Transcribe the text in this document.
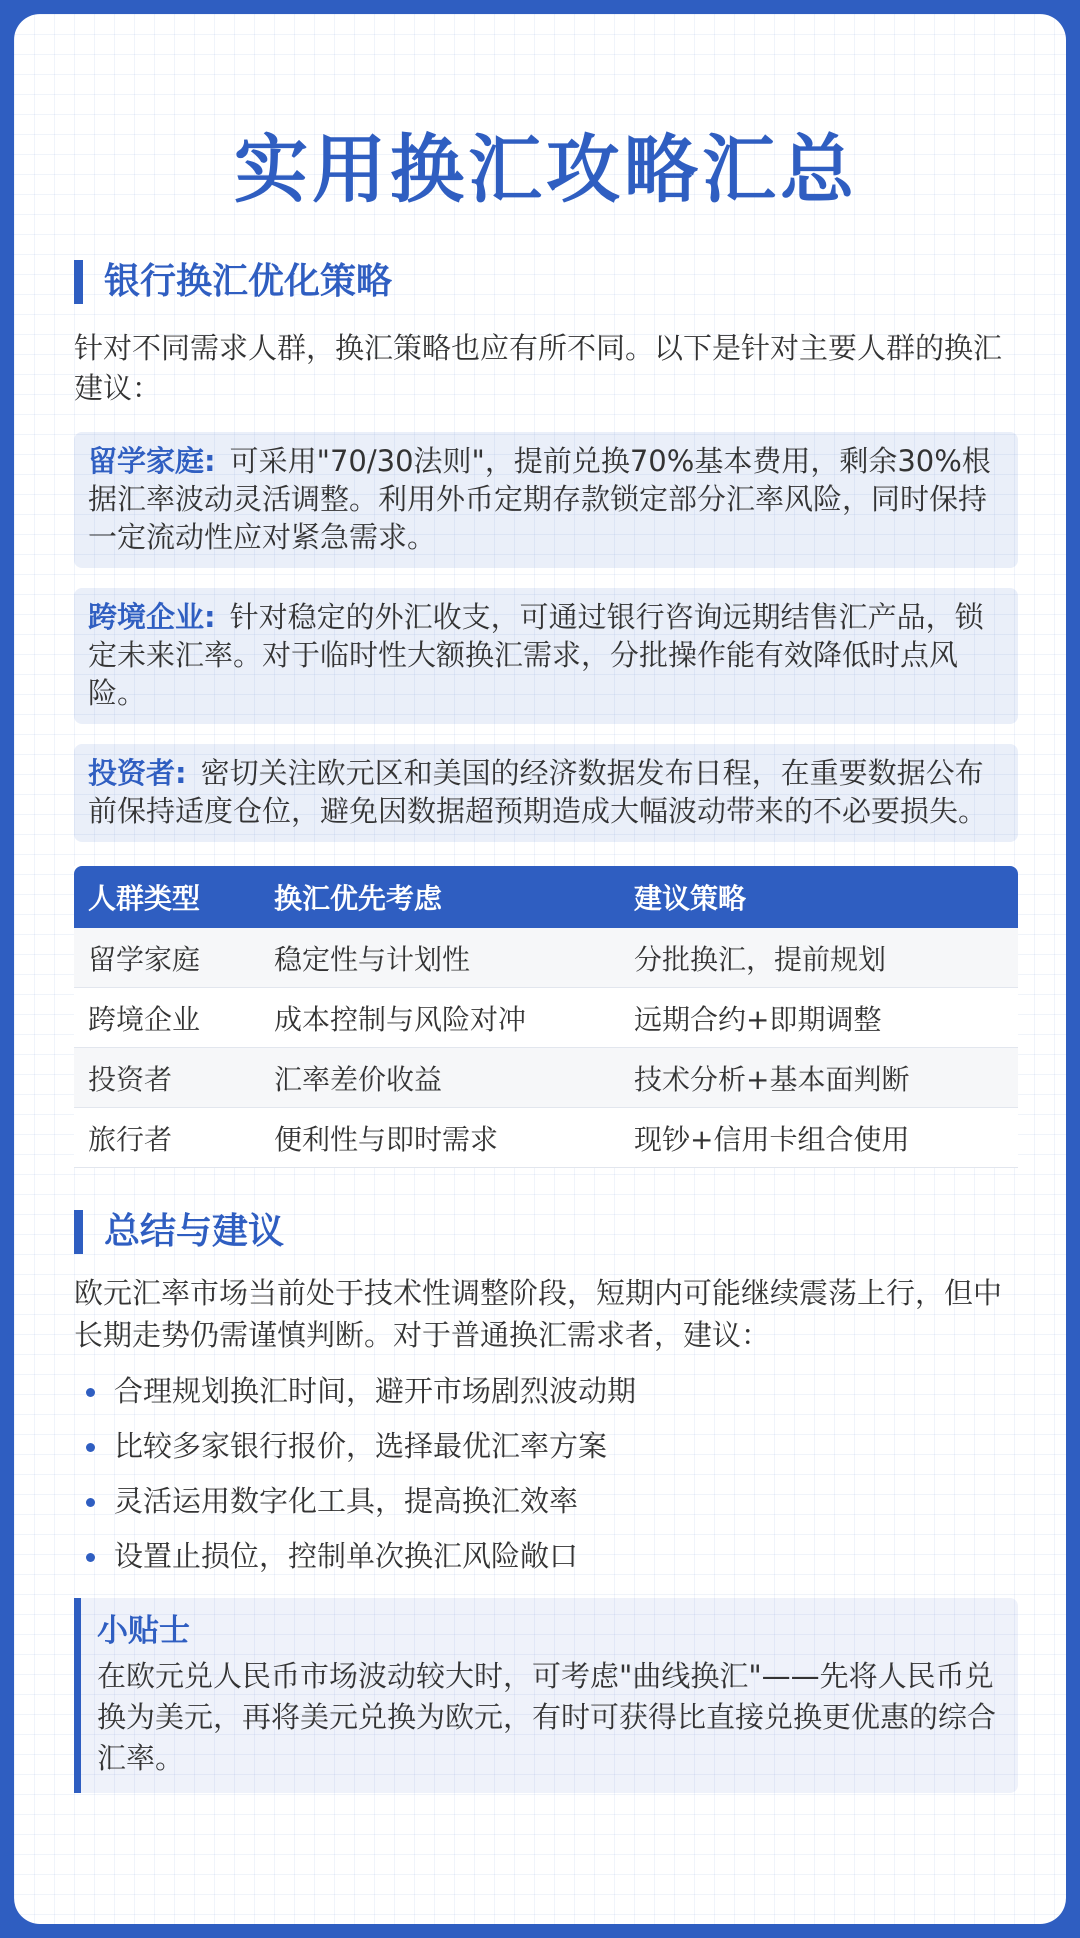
实用换汇攻略汇总
银行换汇优化策略

针对不同需求人群，换汇策略也应有所不同。以下是针对主要人群的换汇建议：

留学家庭: 可采用"70/30法则"，提前兑换70%基本费用，剩余30%根据汇率波动灵活调整。利用外币定期存款锁定部分汇率风险，同时保持一定流动性应对紧急需求。
跨境企业: 针对稳定的外汇收支，可通过银行咨询远期结售汇产品，锁定未来汇率。对于临时性大额换汇需求，分批操作能有效降低时点风险。
投资者: 密切关注欧元区和美国的经济数据发布日程，在重要数据公布前保持适度仓位，避免因数据超预期造成大幅波动带来的不必要损失。
人群类型	换汇优先考虑	建议策略
留学家庭	稳定性与计划性	分批换汇，提前规划
跨境企业	成本控制与风险对冲	远期合约+即期调整
投资者	汇率差价收益	技术分析+基本面判断
旅行者	便利性与即时需求	现钞+信用卡组合使用
总结与建议

欧元汇率市场当前处于技术性调整阶段，短期内可能继续震荡上行，但中长期走势仍需谨慎判断。对于普通换汇需求者，建议：

合理规划换汇时间，避开市场剧烈波动期
比较多家银行报价，选择最优汇率方案
灵活运用数字化工具，提高换汇效率
设置止损位，控制单次换汇风险敞口

小贴士

在欧元兑人民币市场波动较大时，可考虑"曲线换汇"——先将人民币兑换为美元，再将美元兑换为欧元，有时可获得比直接兑换更优惠的综合汇率。
